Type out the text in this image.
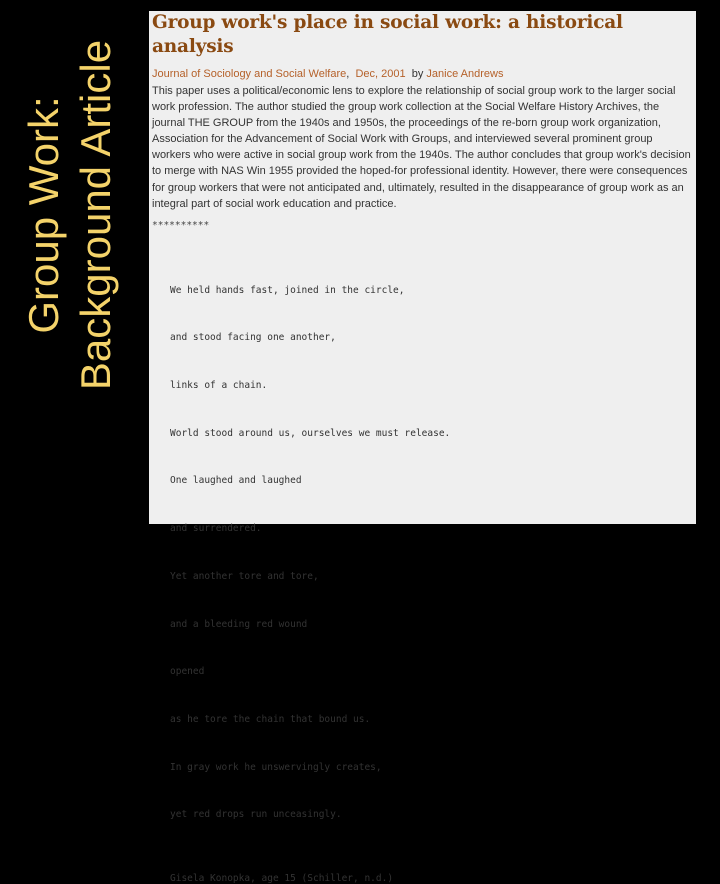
Group Work: Background Article
Group work's place in social work: a historical analysis
Journal of Sociology and Social Welfare, Dec, 2001 by Janice Andrews
This paper uses a political/economic lens to explore the relationship of social group work to the larger social work profession. The author studied the group work collection at the Social Welfare History Archives, the journal THE GROUP from the 1940s and 1950s, the proceedings of the re-born group work organization, Association for the Advancement of Social Work with Groups, and interviewed several prominent group workers who were active in social group work from the 1940s. The author concludes that group work's decision to merge with NAS Win 1955 provided the hoped-for professional identity. However, there were consequences for group workers that were not anticipated and, ultimately, resulted in the disappearance of group work as an integral part of social work education and practice.
**********

We held hands fast, joined in the circle,

and stood facing one another,

links of a chain.

World stood around us, ourselves we must release.

One laughed and laughed

and surrendered.

Yet another tore and tore,

and a bleeding red wound

opened

as he tore the chain that bound us.

In gray work he unswervingly creates,

yet red drops run unceasingly.

Gisela Konopka, age 15 (Schiller, n.d.)
